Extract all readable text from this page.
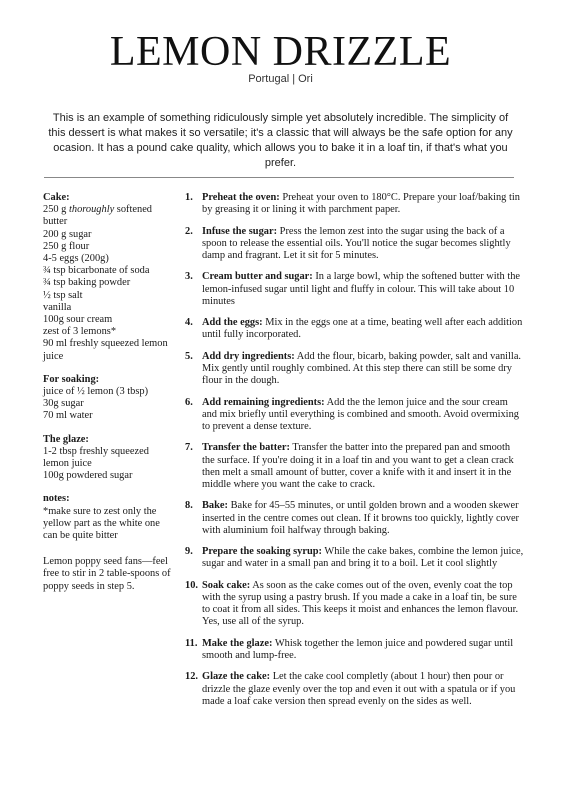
LEMON DRIZZLE
Portugal | Ori
This is an example of something ridiculously simple yet absolutely incredible. The simplicity of this dessert is what makes it so versatile; it's a classic that will always be the safe option for any ocasion. It has a pound cake quality, which allows you to bake it in a loaf tin, if that's what you prefer.
Cake:
250 g thoroughly softened butter
200 g sugar
250 g flour
4-5 eggs (200g)
¾ tsp bicarbonate of soda
¾ tsp baking powder
½ tsp salt
vanilla
100g sour cream
zest of 3 lemons*
90 ml freshly squeezed lemon juice
For soaking:
juice of ½ lemon (3 tbsp)
30g sugar
70 ml water
The glaze:
1-2 tbsp freshly squeezed lemon juice
100g powdered sugar
notes:
*make sure to zest only the yellow part as the white one can be quite bitter
Lemon poppy seed fans—feel free to stir in 2 table-spoons of poppy seeds in step 5.
1. Preheat the oven: Preheat your oven to 180°C. Prepare your loaf/baking tin by greasing it or lining it with parchment paper.
2. Infuse the sugar: Press the lemon zest into the sugar using the back of a spoon to release the essential oils. You'll notice the sugar becomes slightly damp and fragrant. Let it sit for 5 minutes.
3. Cream butter and sugar: In a large bowl, whip the softened butter with the lemon-infused sugar until light and fluffy in colour. This will take about 10 minutes
4. Add the eggs: Mix in the eggs one at a time, beating well after each addition until fully incorporated.
5. Add dry ingredients: Add the flour, bicarb, baking powder, salt and vanilla. Mix gently until roughly combined. At this step there can still be some dry flour in the dough.
6. Add remaining ingredients: Add the the lemon juice and the sour cream and mix briefly until everything is combined and smooth. Avoid overmixing to prevent a dense texture.
7. Transfer the batter: Transfer the batter into the prepared pan and smooth the surface. If you're doing it in a loaf tin and you want to get a clean crack then melt a small amount of butter, cover a knife with it and insert it in the middle where you want the cake to crack.
8. Bake: Bake for 45–55 minutes, or until golden brown and a wooden skewer inserted in the centre comes out clean. If it browns too quickly, lightly cover with aluminium foil halfway through baking.
9. Prepare the soaking syrup: While the cake bakes, combine the lemon juice, sugar and water in a small pan and bring it to a boil. Let it cool slightly
10. Soak cake: As soon as the cake comes out of the oven, evenly coat the top with the syrup using a pastry brush. If you made a cake in a loaf tin, be sure to coat it from all sides. This keeps it moist and enhances the lemon flavour. Yes, use all of the syrup.
11. Make the glaze: Whisk together the lemon juice and powdered sugar until smooth and lump-free.
12. Glaze the cake: Let the cake cool completly (about 1 hour) then pour or drizzle the glaze evenly over the top and even it out with a spatula or if you made a loaf cake version then spread evenly on the sides as well.
